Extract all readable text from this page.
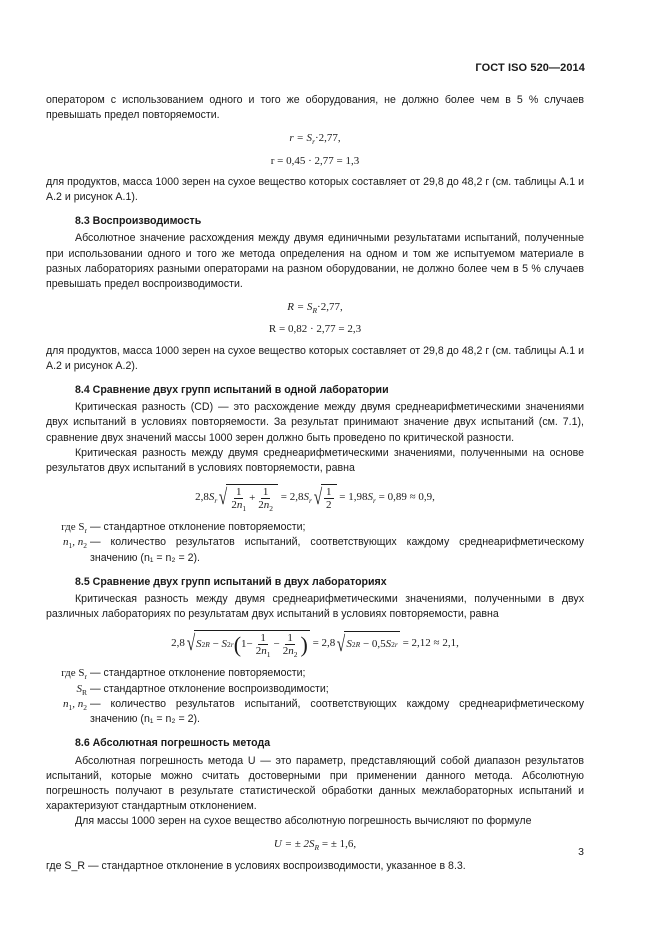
ГОСТ ISO 520—2014

оператором с использованием одного и того же оборудования, не должно более чем в 5 % случаев превышать предел повторяемости.

$r = S_r\cdot 2,77$,
r = 0,45 · 2,77 = 1,3

для продуктов, масса 1000 зерен на сухое вещество которых составляет от 29,8 до 48,2 г (см. таблицы А.1 и А.2 и рисунок А.1).

8.3 Воспроизводимость

Абсолютное значение расхождения между двумя единичными результатами испытаний, полученные при использовании одного и того же метода определения на одном и том же испытуемом материале в разных лабораториях разными операторами на разном оборудовании, не должно более чем в 5 % случаев превышать предел воспроизводимости.

$R = S_R\cdot 2,77$,
R = 0,82 · 2,77 = 2,3

для продуктов, масса 1000 зерен на сухое вещество которых составляет от 29,8 до 48,2 г (см. таблицы А.1 и А.2 и рисунок А.2).

8.4 Сравнение двух групп испытаний в одной лаборатории

Критическая разность (CD) — это расхождение между двумя среднеарифметическими значениями двух испытаний в условиях повторяемости. За результат принимают значение двух испытаний (см. 7.1), сравнение двух значений массы 1000 зерен должно быть проведено по критической разности.

Критическая разность между двумя среднеарифметическими значениями, полученными на основе результатов двух испытаний в условиях повторяемости, равна

2,8 $S_r$ √ $\frac{1}{2n_1} + \frac{1}{2n_2}$
= 2,8 $S_r$ √ $\frac{1}{2}$
= 1,98 $S_r$
= 0,89 ≈ 0,9,
где $S_r$ — стандартное отклонение повторяемости;
$n_1$, $n_2$ — количество результатов испытаний, соответствующих каждому среднеарифметическому значению (n₁ = n₂ = 2).

8.5 Сравнение двух групп испытаний в двух лабораториях

Критическая разность между двумя среднеарифметическими значениями, полученными в двух различных лабораториях по результатам двух испытаний в условиях повторяемости, равна

2,8 √ S 2 R
−
S 2 r ( $1 - \frac{1}{2n_1} - \frac{1}{2n_2}$ )
= 2,8 √ S 2 R
−
0,5 S 2 r
= 2,12 ≈ 2,1,
где $S_r$ — стандартное отклонение повторяемости;
$S_R$ — стандартное отклонение воспроизводимости;
$n_1$, $n_2$ — количество результатов испытаний, соответствующих каждому среднеарифметическому значению (n₁ = n₂ = 2).

8.6 Абсолютная погрешность метода

Абсолютная погрешность метода U — это параметр, представляющий собой диапазон результатов испытаний, которые можно считать достоверными при применении данного метода. Абсолютную погрешность получают в результате статистической обработки данных межлабораторных испытаний и характеризуют стандартным отклонением.

Для массы 1000 зерен на сухое вещество абсолютную погрешность вычисляют по формуле

U = ± $2S_R$ = ± 1,6,

где S_R — стандартное отклонение в условиях воспроизводимости, указанное в 8.3.

3
